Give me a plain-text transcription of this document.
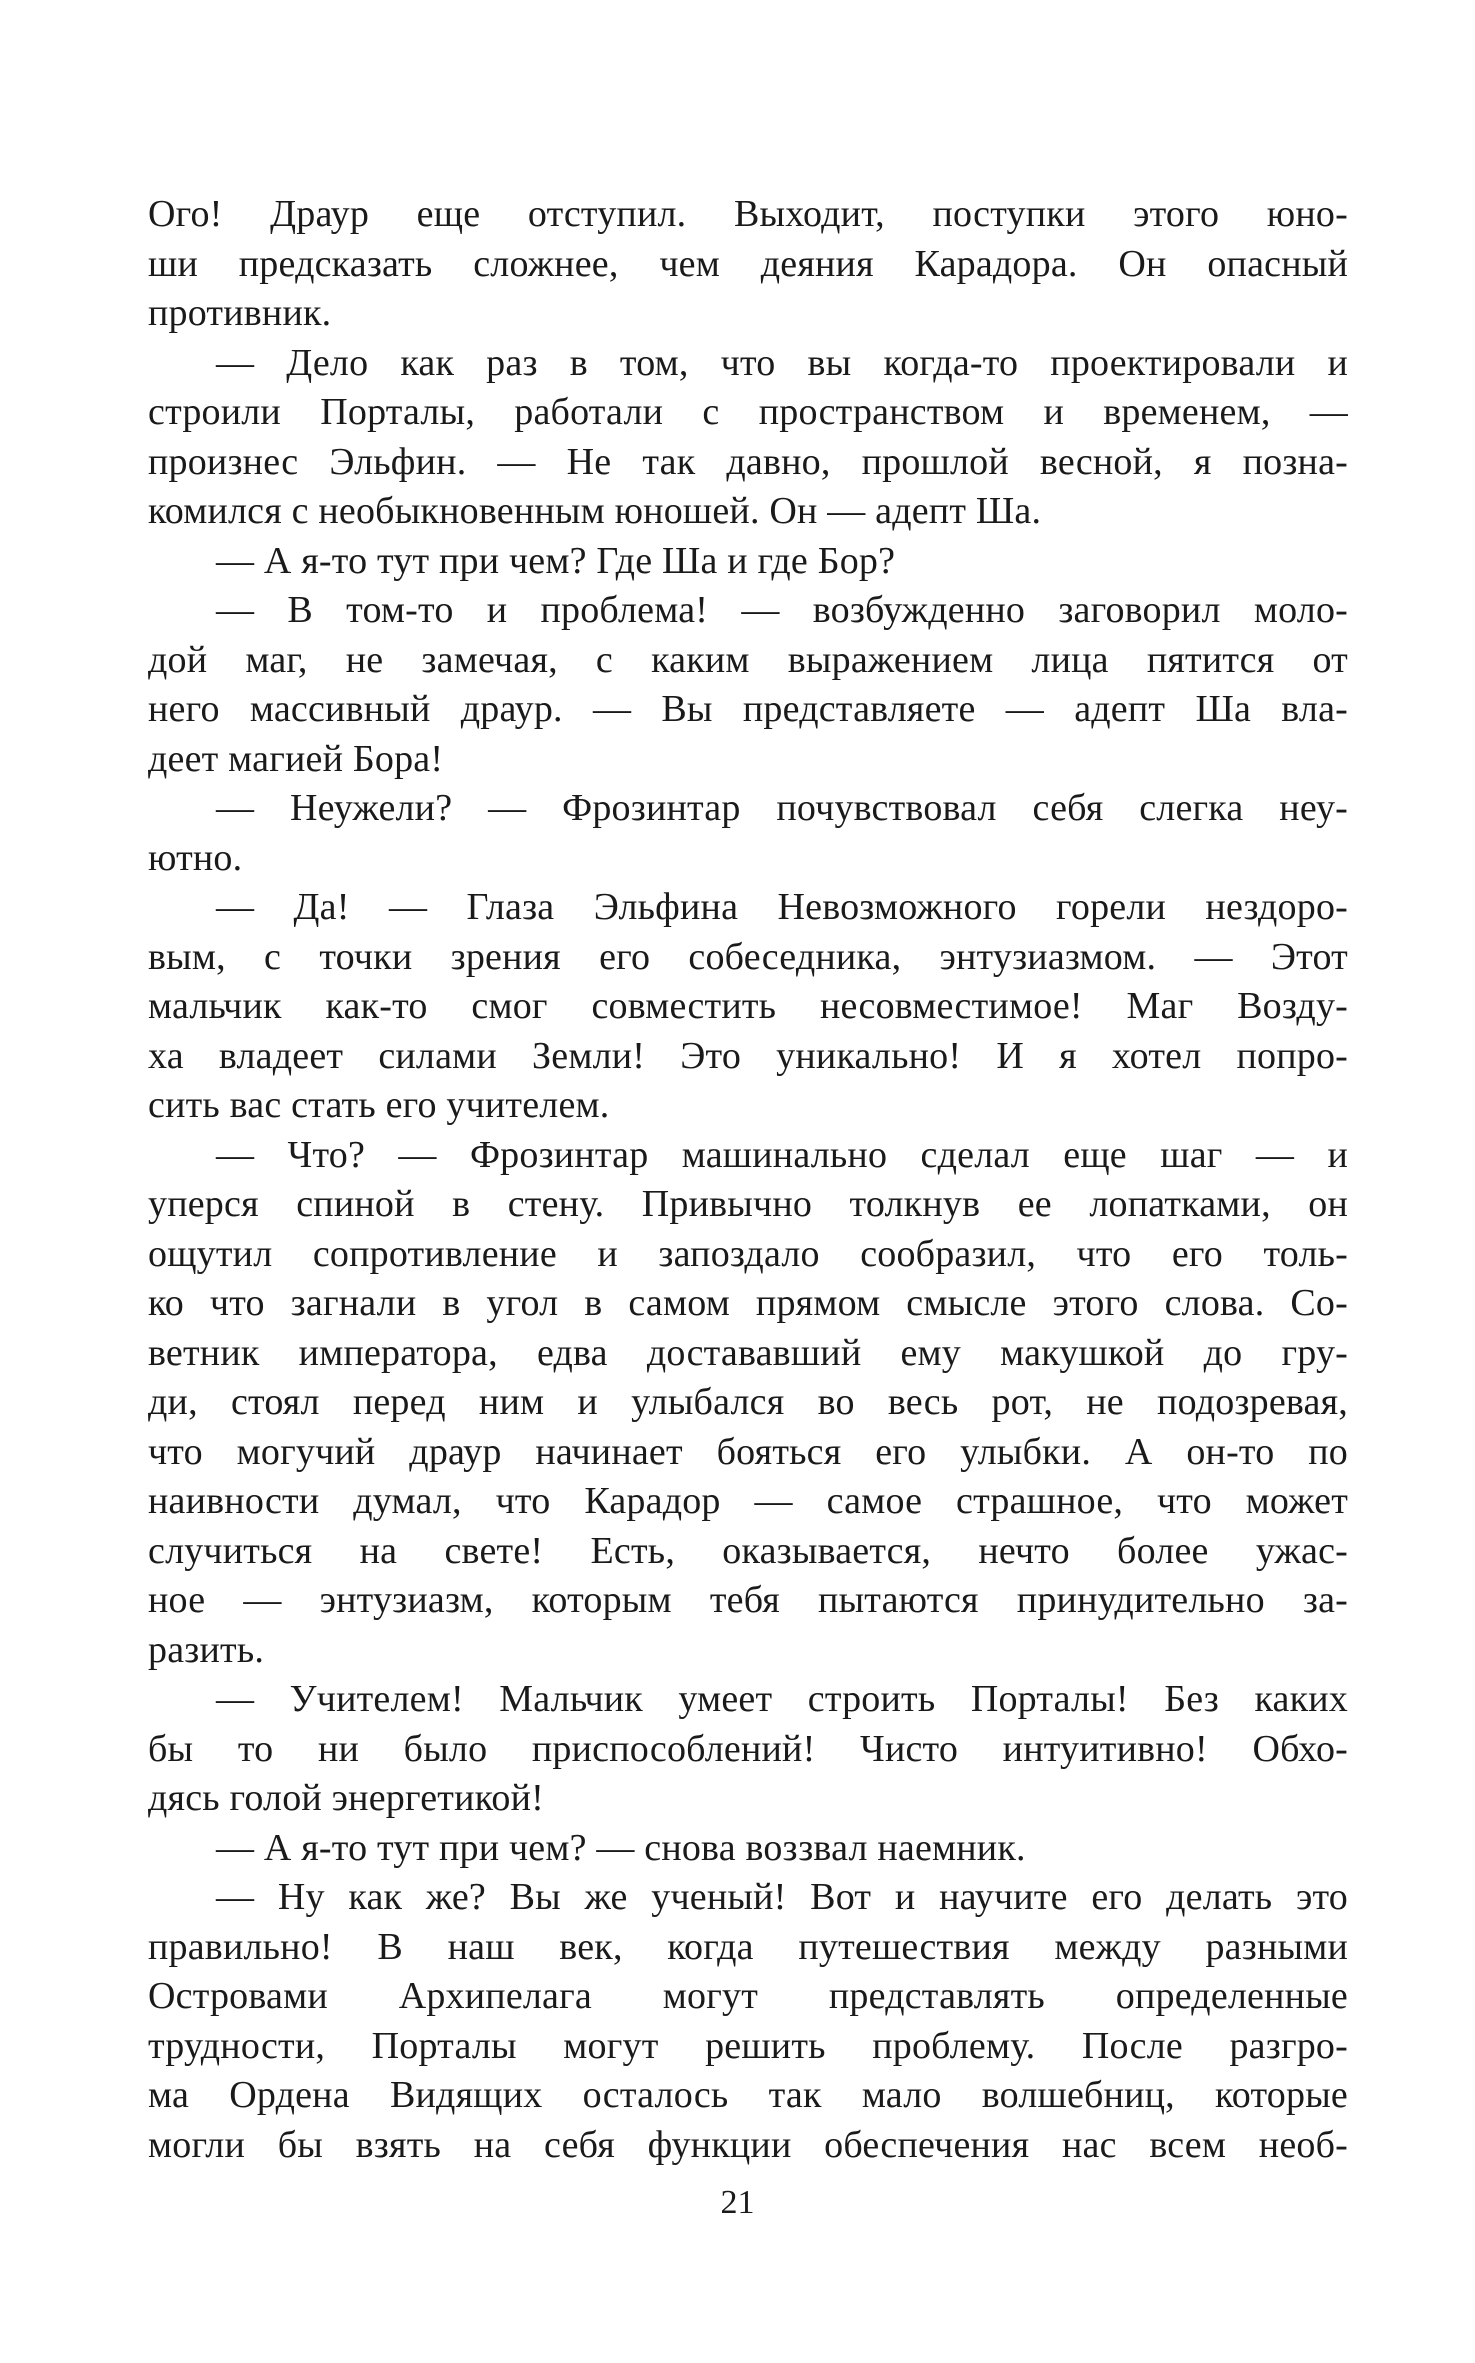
Ого! Драур еще отступил. Выходит, поступки этого юно-
ши предсказать сложнее, чем деяния Карадора. Он опасный
противник.
— Дело как раз в том, что вы когда-то проектировали и
строили Порталы, работали с пространством и временем, —
произнес Эльфин. — Не так давно, прошлой весной, я позна-
комился с необыкновенным юношей. Он — адепт Ша.
— А я-то тут при чем? Где Ша и где Бор?
— В том-то и проблема! — возбужденно заговорил моло-
дой маг, не замечая, с каким выражением лица пятится от
него массивный драур. — Вы представляете — адепт Ша вла-
деет магией Бора!
— Неужели? — Фрозинтар почувствовал себя слегка неу-
ютно.
— Да! — Глаза Эльфина Невозможного горели нездоро-
вым, с точки зрения его собеседника, энтузиазмом. — Этот
мальчик как-то смог совместить несовместимое! Маг Возду-
ха владеет силами Земли! Это уникально! И я хотел попро-
сить вас стать его учителем.
— Что? — Фрозинтар машинально сделал еще шаг — и
уперся спиной в стену. Привычно толкнув ее лопатками, он
ощутил сопротивление и запоздало сообразил, что его толь-
ко что загнали в угол в самом прямом смысле этого слова. Со-
ветник императора, едва достававший ему макушкой до гру-
ди, стоял перед ним и улыбался во весь рот, не подозревая,
что могучий драур начинает бояться его улыбки. А он-то по
наивности думал, что Карадор — самое страшное, что может
случиться на свете! Есть, оказывается, нечто более ужас-
ное — энтузиазм, которым тебя пытаются принудительно за-
разить.
— Учителем! Мальчик умеет строить Порталы! Без каких
бы то ни было приспособлений! Чисто интуитивно! Обхо-
дясь голой энергетикой!
— А я-то тут при чем? — снова воззвал наемник.
— Ну как же? Вы же ученый! Вот и научите его делать это
правильно! В наш век, когда путешествия между разными
Островами Архипелага могут представлять определенные
трудности, Порталы могут решить проблему. После разгро-
ма Ордена Видящих осталось так мало волшебниц, которые
могли бы взять на себя функции обеспечения нас всем необ-
21
